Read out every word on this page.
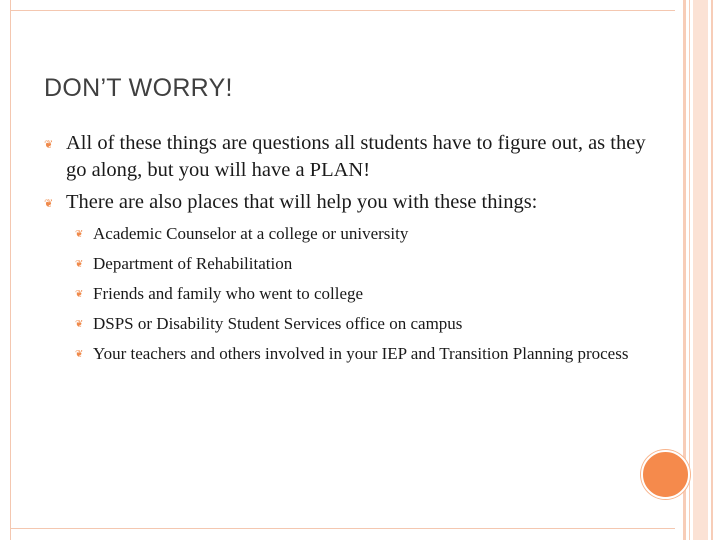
DON’T WORRY!
❦ All of these things are questions all students have to figure out, as they go along, but you will have a PLAN!
❦ There are also places that will help you with these things:
❦ Academic Counselor at a college or university
❦ Department of Rehabilitation
❦ Friends and family who went to college
❦ DSPS or Disability Student Services office on campus
❦ Your teachers and others involved in your IEP and Transition Planning process
